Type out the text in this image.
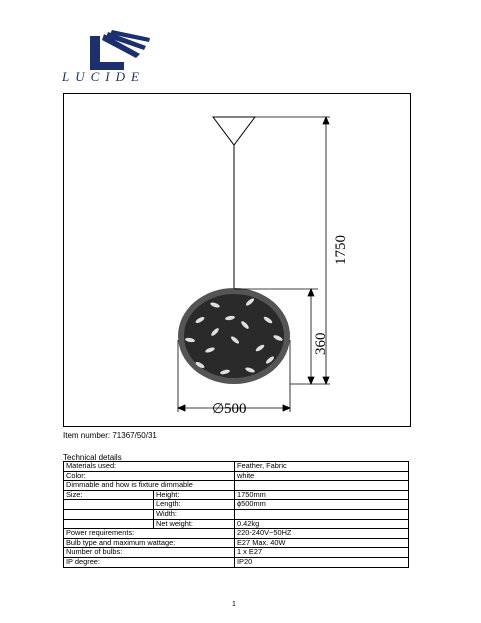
LUCIDE
1750
360
∅ 500
Item number: 71367/50/31
Technical details
Materials used:		Feather, Fabric
Color:		white
Dimmable and how is fixture dimmable		
Size:	Height:	1750mm
	Length:	ϕ500mm
	Width:	
	Net weight:	0.42kg
Power requirements:		220-240V~50HZ
Bulb type and maximum wattage:		E27 Max. 40W
Number of bulbs:		1 x E27
IP degree:		IP20
1
